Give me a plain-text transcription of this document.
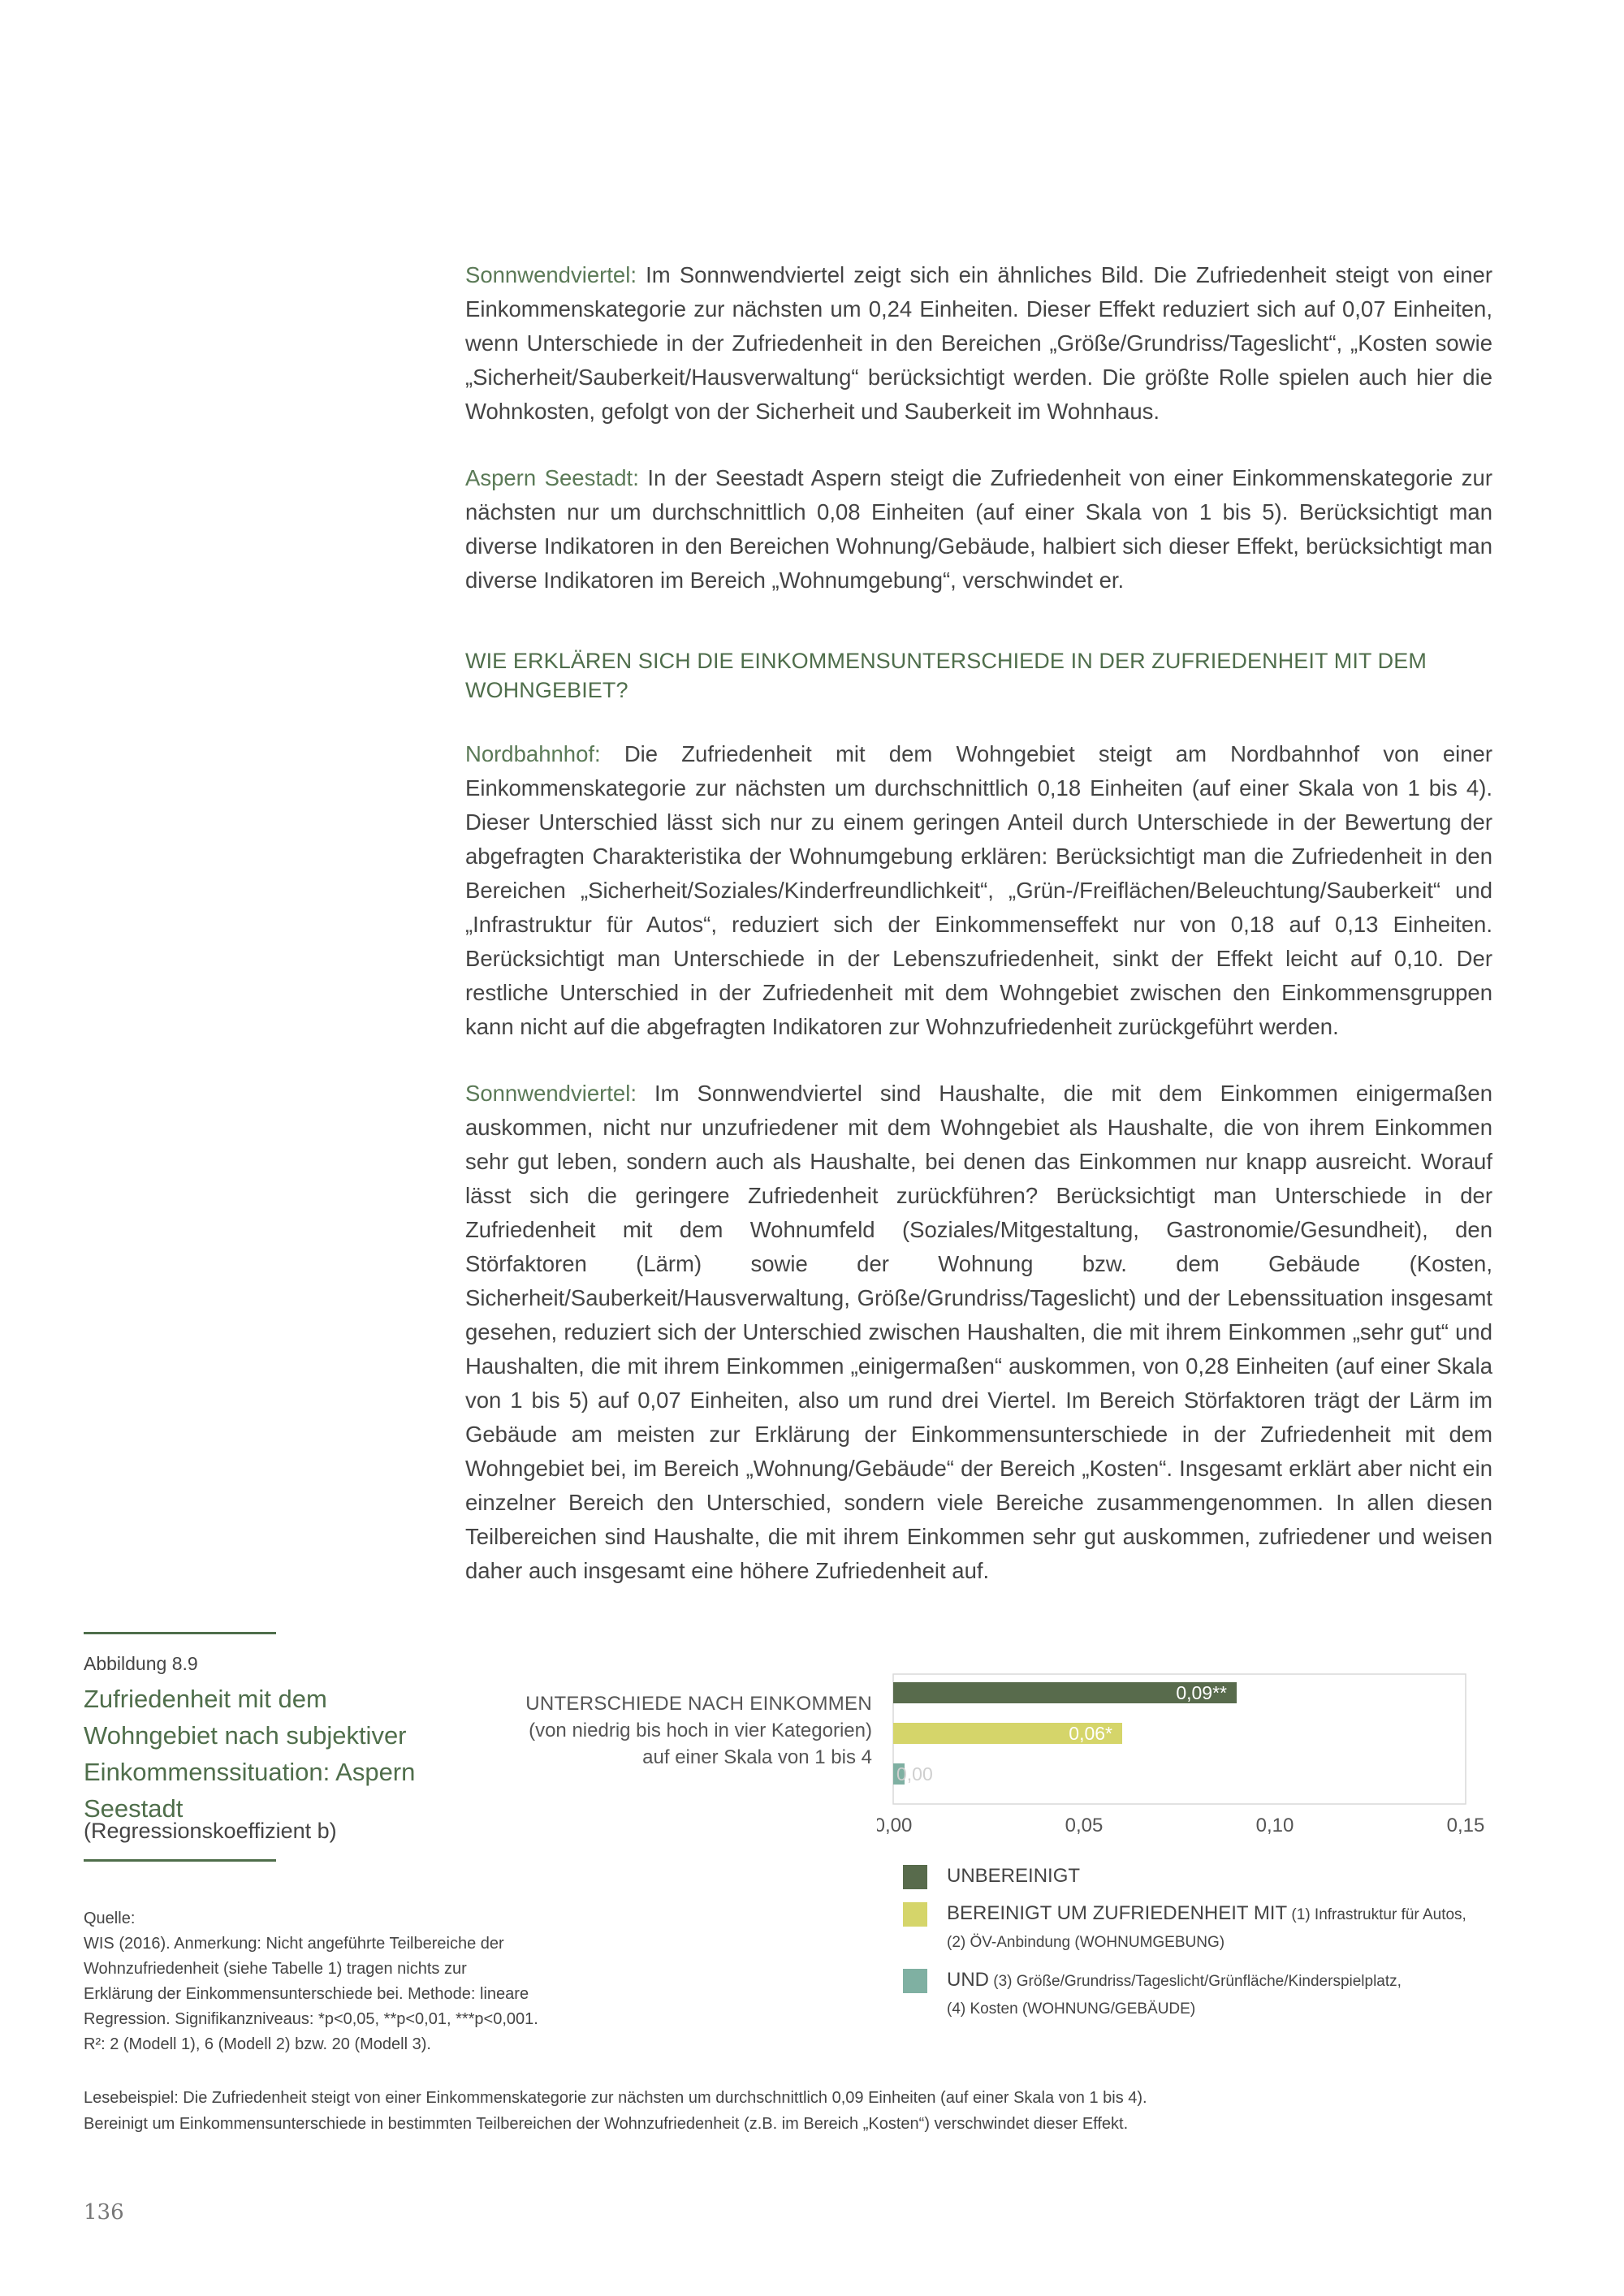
Sonnwendviertel: Im Sonnwendviertel zeigt sich ein ähnliches Bild. Die Zufriedenheit steigt von einer Einkommenskategorie zur nächsten um 0,24 Einheiten. Dieser Effekt reduziert sich auf 0,07 Einheiten, wenn Unterschiede in der Zufriedenheit in den Bereichen „Größe/Grundriss/Tageslicht“, „Kosten sowie „Sicherheit/Sauberkeit/Hausverwaltung“ berücksichtigt werden. Die größte Rolle spielen auch hier die Wohnkosten, gefolgt von der Sicherheit und Sauberkeit im Wohnhaus.

Aspern Seestadt: In der Seestadt Aspern steigt die Zufriedenheit von einer Einkommenskategorie zur nächsten nur um durchschnittlich 0,08 Einheiten (auf einer Skala von 1 bis 5). Berücksichtigt man diverse Indikatoren in den Bereichen Wohnung/Gebäude, halbiert sich dieser Effekt, berücksichtigt man diverse Indikatoren im Bereich „Wohnumgebung“, verschwindet er.

WIE ERKLÄREN SICH DIE EINKOMMENSUNTERSCHIEDE IN DER ZUFRIEDENHEIT MIT DEM WOHNGEBIET?

Nordbahnhof: Die Zufriedenheit mit dem Wohngebiet steigt am Nordbahnhof von einer Einkommenskategorie zur nächsten um durchschnittlich 0,18 Einheiten (auf einer Skala von 1 bis 4). Dieser Unterschied lässt sich nur zu einem geringen Anteil durch Unterschiede in der Bewertung der abgefragten Charakteristika der Wohnumgebung erklären: Berücksichtigt man die Zufriedenheit in den Bereichen „Sicherheit/Soziales/Kinderfreundlichkeit“, „Grün-/Freiflächen/Beleuchtung/Sauberkeit“ und „Infrastruktur für Autos“, reduziert sich der Einkommenseffekt nur von 0,18 auf 0,13 Einheiten. Berücksichtigt man Unterschiede in der Lebenszufriedenheit, sinkt der Effekt leicht auf 0,10. Der restliche Unterschied in der Zufriedenheit mit dem Wohngebiet zwischen den Einkommensgruppen kann nicht auf die abgefragten Indikatoren zur Wohnzufriedenheit zurückgeführt werden.

Sonnwendviertel: Im Sonnwendviertel sind Haushalte, die mit dem Einkommen einigermaßen auskommen, nicht nur unzufriedener mit dem Wohngebiet als Haushalte, die von ihrem Einkommen sehr gut leben, sondern auch als Haushalte, bei denen das Einkommen nur knapp ausreicht. Worauf lässt sich die geringere Zufriedenheit zurückführen? Berücksichtigt man Unterschiede in der Zufriedenheit mit dem Wohnumfeld (Soziales/Mitgestaltung, Gastronomie/Gesundheit), den Störfaktoren (Lärm) sowie der Wohnung bzw. dem Gebäude (Kosten, Sicherheit/Sauberkeit/Hausverwaltung, Größe/Grundriss/Tageslicht) und der Lebenssituation insgesamt gesehen, reduziert sich der Unterschied zwischen Haushalten, die mit ihrem Einkommen „sehr gut“ und Haushalten, die mit ihrem Einkommen „einigermaßen“ auskommen, von 0,28 Einheiten (auf einer Skala von 1 bis 5) auf 0,07 Einheiten, also um rund drei Viertel. Im Bereich Störfaktoren trägt der Lärm im Gebäude am meisten zur Erklärung der Einkommensunterschiede in der Zufriedenheit mit dem Wohngebiet bei, im Bereich „Wohnung/Gebäude“ der Bereich „Kosten“. Insgesamt erklärt aber nicht ein einzelner Bereich den Unterschied, sondern viele Bereiche zusammengenommen. In allen diesen Teilbereichen sind Haushalte, die mit ihrem Einkommen sehr gut auskommen, zufriedener und weisen daher auch insgesamt eine höhere Zufriedenheit auf.

Abbildung 8.9
Zufriedenheit mit dem Wohngebiet nach subjektiver Einkommenssituation: Aspern Seestadt
(Regressionskoeffizient b)
Quelle:
WIS (2016). Anmerkung: Nicht angeführte Teilbereiche der Wohnzufriedenheit (siehe Tabelle 1) tragen nichts zur Erklärung der Einkommensunterschiede bei. Methode: lineare Regression. Signifikanzniveaus: *p<0,05, **p<0,01, ***p<0,001. R²: 2 (Modell 1), 6 (Modell 2) bzw. 20 (Modell 3).
UNTERSCHIEDE NACH EINKOMMEN
(von niedrig bis hoch in vier Kategorien)
auf einer Skala von 1 bis 4
0,09**
0,06*
0,00
0,00	0,05	0,10	0,15
UNBEREINIGT
BEREINIGT UM ZUFRIEDENHEIT MIT (1) Infrastruktur für Autos,
(2) ÖV-Anbindung (WOHNUMGEBUNG)
UND (3) Größe/Grundriss/Tageslicht/Grünfläche/Kinderspielplatz,
(4) Kosten (WOHNUNG/GEBÄUDE)
Lesebeispiel: Die Zufriedenheit steigt von einer Einkommenskategorie zur nächsten um durchschnittlich 0,09 Einheiten (auf einer Skala von 1 bis 4).
Bereinigt um Einkommensunterschiede in bestimmten Teilbereichen der Wohnzufriedenheit (z.B. im Bereich „Kosten“) verschwindet dieser Effekt.
136
